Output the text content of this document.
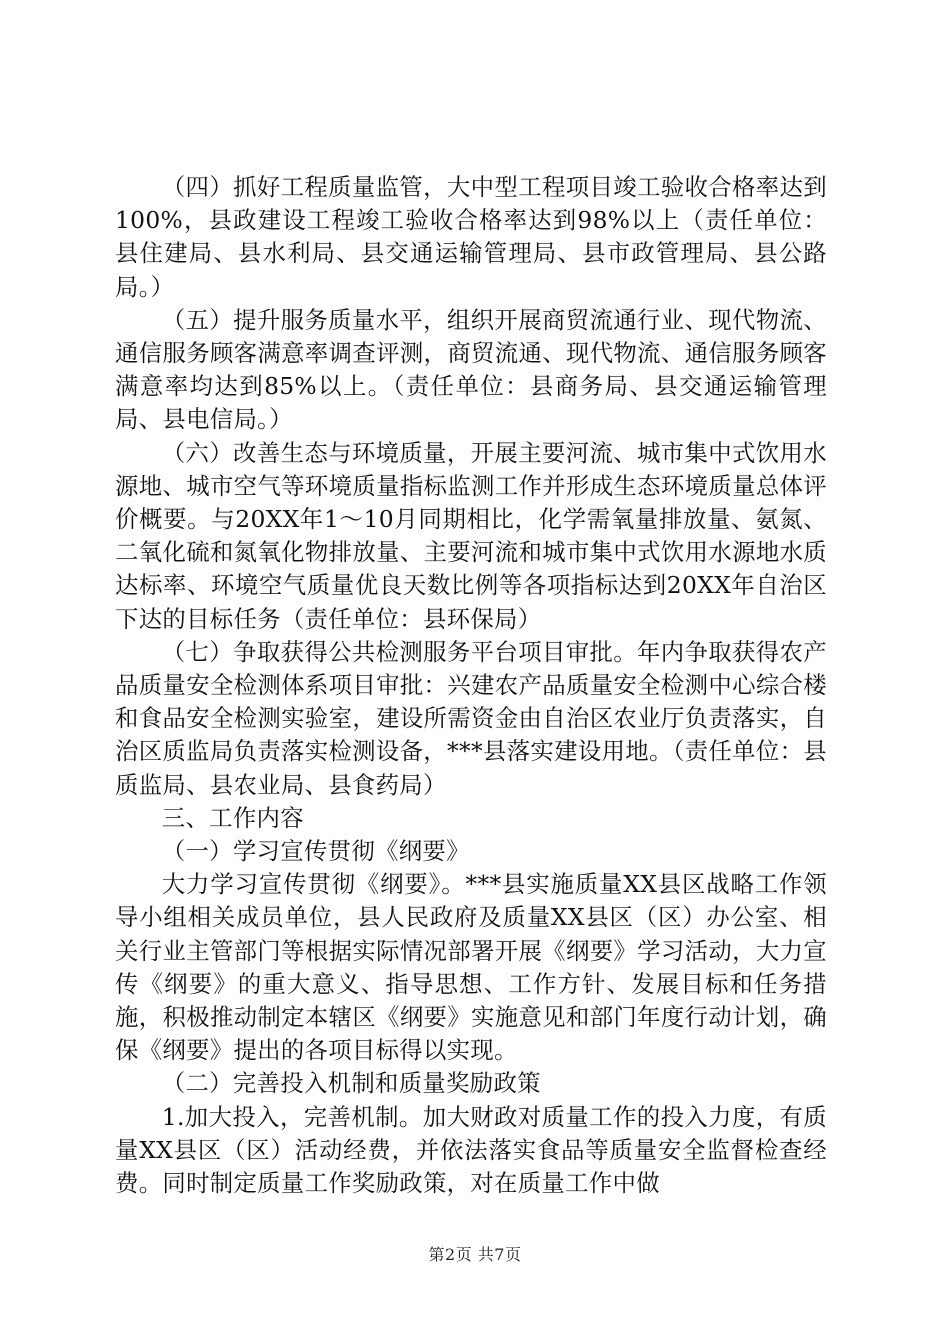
（四）抓好工程质量监管，大中型工程项目竣工验收合格率达到100%，县政建设工程竣工验收合格率达到98%以上（责任单位：县住建局、县水利局、县交通运输管理局、县市政管理局、县公路局。）

（五）提升服务质量水平，组织开展商贸流通行业、现代物流、通信服务顾客满意率调查评测，商贸流通、现代物流、通信服务顾客满意率均达到85%以上。（责任单位：县商务局、县交通运输管理局、县电信局。）

（六）改善生态与环境质量，开展主要河流、城市集中式饮用水源地、城市空气等环境质量指标监测工作并形成生态环境质量总体评价概要。与20XX年1～10月同期相比，化学需氧量排放量、氨氮、二氧化硫和氮氧化物排放量、主要河流和城市集中式饮用水源地水质达标率、环境空气质量优良天数比例等各项指标达到20XX年自治区下达的目标任务（责任单位：县环保局）

（七）争取获得公共检测服务平台项目审批。年内争取获得农产品质量安全检测体系项目审批：兴建农产品质量安全检测中心综合楼和食品安全检测实验室，建设所需资金由自治区农业厅负责落实，自治区质监局负责落实检测设备，***县落实建设用地。（责任单位：县质监局、县农业局、县食药局）

三、工作内容

（一）学习宣传贯彻《纲要》

大力学习宣传贯彻《纲要》。***县实施质量XX县区战略工作领导小组相关成员单位，县人民政府及质量XX县区（区）办公室、相关行业主管部门等根据实际情况部署开展《纲要》学习活动，大力宣传《纲要》的重大意义、指导思想、工作方针、发展目标和任务措施，积极推动制定本辖区《纲要》实施意见和部门年度行动计划，确保《纲要》提出的各项目标得以实现。

（二）完善投入机制和质量奖励政策

1.加大投入，完善机制。加大财政对质量工作的投入力度，有质量XX县区（区）活动经费，并依法落实食品等质量安全监督检查经费。同时制定质量工作奖励政策，对在质量工作中做

第2页 共7页
